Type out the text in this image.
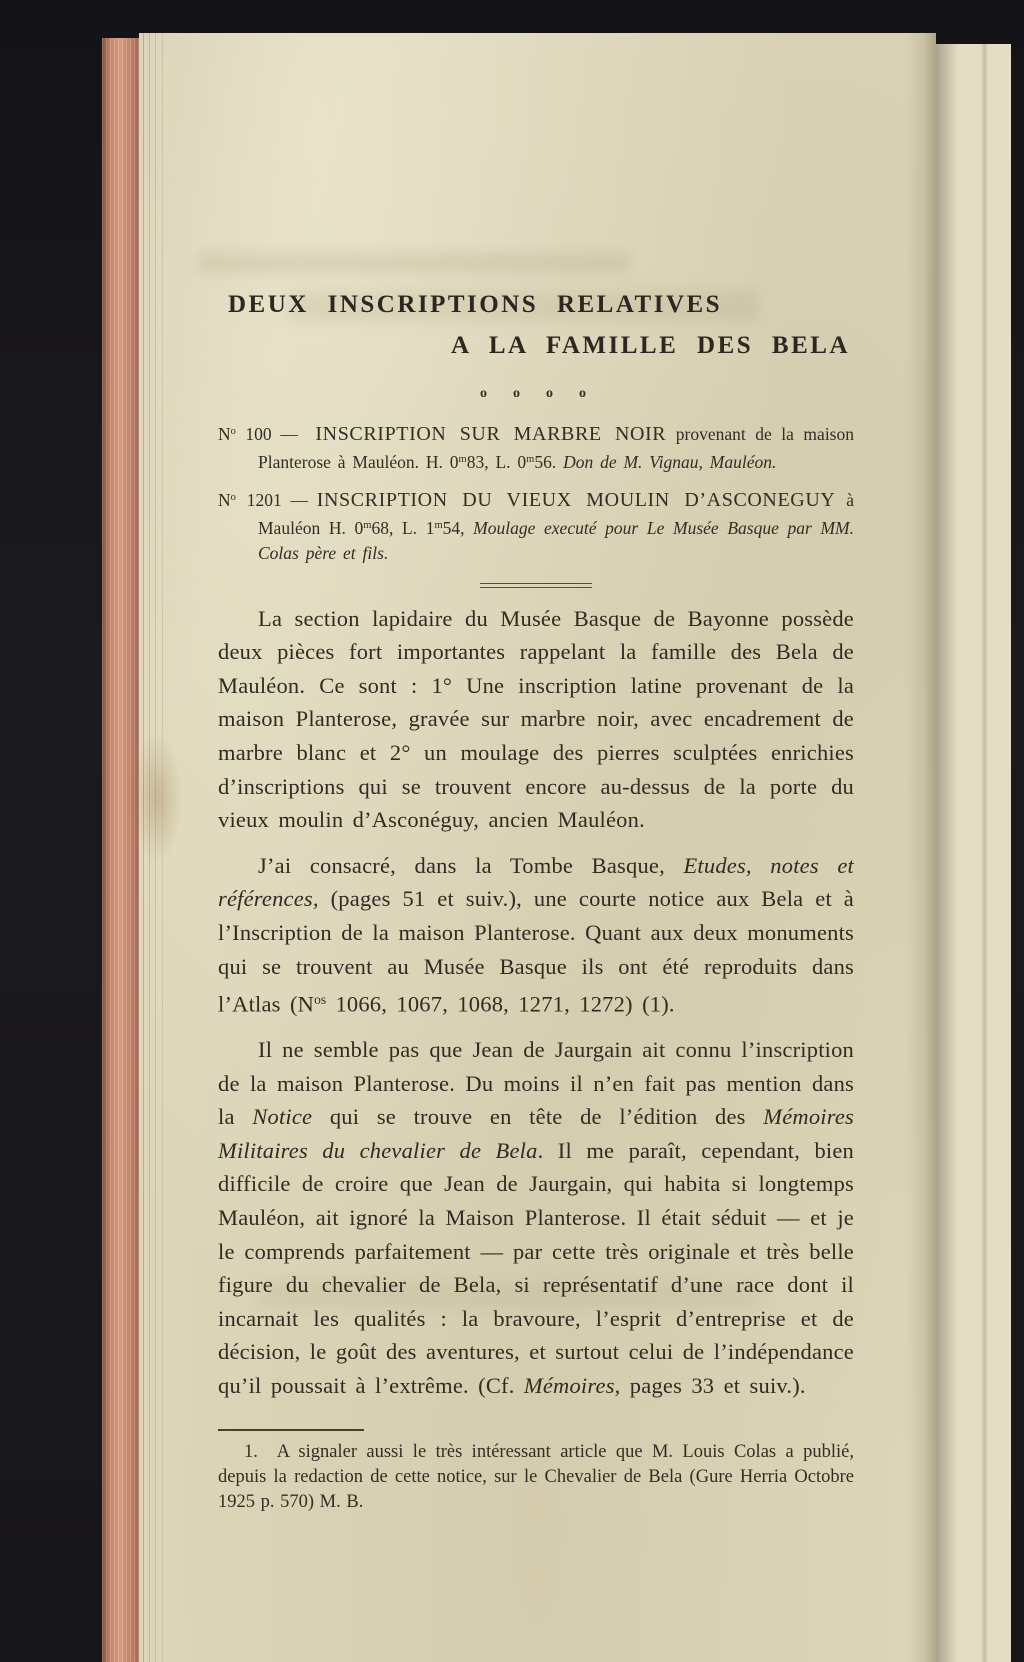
DEUX INSCRIPTIONS RELATIVES
A LA FAMILLE DES BELA
o o o o
$N^o$ 100 —  INSCRIPTION SUR MARBRE NOIR provenant de la maison Planterose à Mauléon. H. 0$^m$83, L. 0$^m$56. Don de M. Vignau, Mauléon.
$N^o$ 1201 — INSCRIPTION DU VIEUX MOULIN D’ASCONEGUY à Mauléon H. 0$^m$68, L. 1$^m$54, Moulage executé pour Le Musée Basque par MM. Colas père et fils.
La section lapidaire du Musée Basque de Bayonne possède deux pièces fort importantes rappelant la famille des Bela de Mauléon. Ce sont : 1° Une inscription latine provenant de la maison Planterose, gravée sur marbre noir, avec encadrement de marbre blanc et 2° un moulage des pierres sculptées enrichies d’inscriptions qui se trouvent encore au-dessus de la porte du vieux moulin d’Asconéguy, ancien Mauléon.
J’ai consacré, dans la Tombe Basque, Etudes, notes et références, (pages 51 et suiv.), une courte notice aux Bela et à l’Inscription de la maison Planterose. Quant aux deux monuments qui se trouvent au Musée Basque ils ont été reproduits dans l’Atlas ($N^{os}$ 1066, 1067, 1068, 1271, 1272) (1).
Il ne semble pas que Jean de Jaurgain ait connu l’inscription de la maison Planterose. Du moins il n’en fait pas mention dans la Notice qui se trouve en tête de l’édition des Mémoires Militaires du chevalier de Bela. Il me paraît, cependant, bien difficile de croire que Jean de Jaurgain, qui habita si longtemps Mauléon, ait ignoré la Maison Planterose. Il était séduit — et je le comprends parfaitement — par cette très originale et très belle figure du chevalier de Bela, si représentatif d’une race dont il incarnait les qualités : la bravoure, l’esprit d’entreprise et de décision, le goût des aventures, et surtout celui de l’indépendance qu’il poussait à l’extrême. (Cf. Mémoires, pages 33 et suiv.).
1.  A signaler aussi le très intéressant article que M. Louis Colas a publié, depuis la redaction de cette notice, sur le Chevalier de Bela (Gure Herria Octobre 1925 p. 570) M. B.
